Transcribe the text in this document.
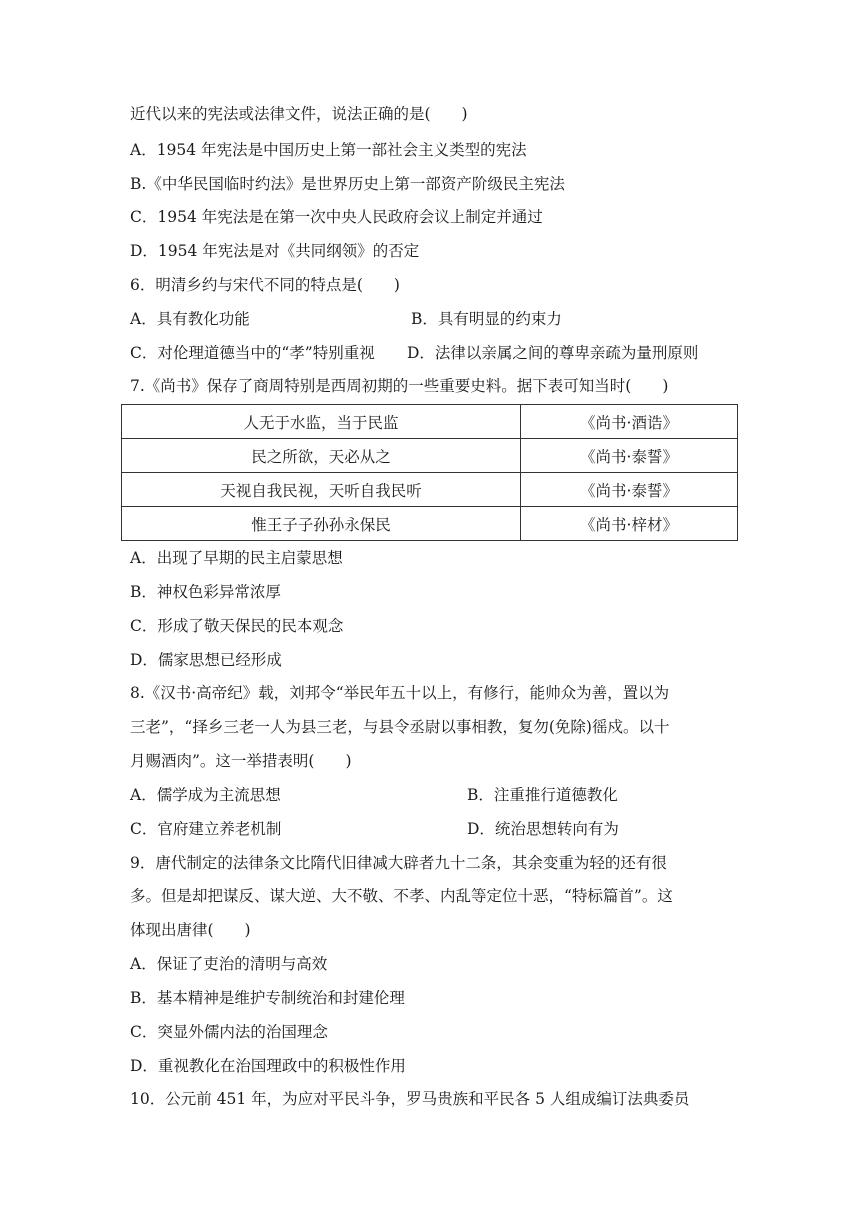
近代以来的宪法或法律文件，说法正确的是(　　)
A．1954 年宪法是中国历史上第一部社会主义类型的宪法
B.《中华民国临时约法》是世界历史上第一部资产阶级民主宪法
C．1954 年宪法是在第一次中央人民政府会议上制定并通过
D．1954 年宪法是对《共同纲领》的否定
6．明清乡约与宋代不同的特点是(　　)
A．具有教化功能	B．具有明显的约束力
C．对伦理道德当中的“孝”特别重视 D．法律以亲属之间的尊卑亲疏为量刑原则
7.《尚书》保存了商周特别是西周初期的一些重要史料。据下表可知当时(　　)
人无于水监，当于民监	《尚书·酒诰》
民之所欲，天必从之	《尚书·泰誓》
天视自我民视，天听自我民听	《尚书·泰誓》
惟王子子孙孙永保民	《尚书·梓材》
A．出现了早期的民主启蒙思想
B．神权色彩异常浓厚
C．形成了敬天保民的民本观念
D．儒家思想已经形成
8.《汉书·高帝纪》载，刘邦令“举民年五十以上，有修行，能帅众为善，置以为
三老”，“择乡三老一人为县三老，与县令丞尉以事相教，复勿(免除)徭戍。以十
月赐酒肉”。这一举措表明(　　)
A．儒学成为主流思想	B．注重推行道德教化
C．官府建立养老机制	D．统治思想转向有为
9．唐代制定的法律条文比隋代旧律减大辟者九十二条，其余变重为轻的还有很
多。但是却把谋反、谋大逆、大不敬、不孝、内乱等定位十恶，“特标篇首”。这
体现出唐律(　　)
A．保证了吏治的清明与高效
B．基本精神是维护专制统治和封建伦理
C．突显外儒内法的治国理念
D．重视教化在治国理政中的积极性作用
10．公元前 451 年，为应对平民斗争，罗马贵族和平民各 5 人组成编订法典委员
